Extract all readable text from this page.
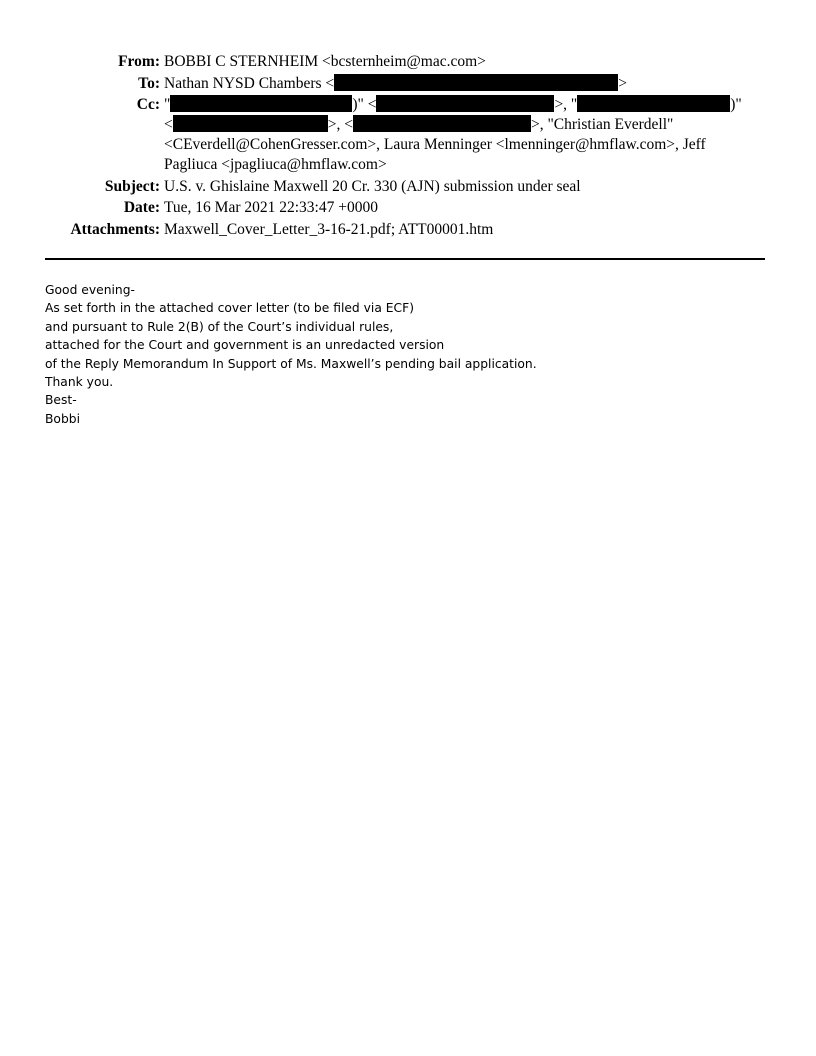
From: BOBBI C STERNHEIM <bcsternheim@mac.com>
To: Nathan NYSD Chambers <	>
Cc: "	)" <	>, "	)"
<	>, <	>, "Christian Everdell"
<CEverdell@CohenGresser.com>, Laura Menninger <lmenninger@hmflaw.com>, Jeff
Pagliuca <jpagliuca@hmflaw.com>
Subject: U.S. v. Ghislaine Maxwell 20 Cr. 330 (AJN) submission under seal
Date: Tue, 16 Mar 2021 22:33:47 +0000
Attachments: Maxwell_Cover_Letter_3-16-21.pdf; ATT00001.htm
Good evening-
As set forth in the attached cover letter (to be filed via ECF)
and pursuant to Rule 2(B) of the Court’s individual rules,
attached for the Court and government is an unredacted version
of the Reply Memorandum In Support of Ms. Maxwell’s pending bail application.
Thank you.
Best-
Bobbi
